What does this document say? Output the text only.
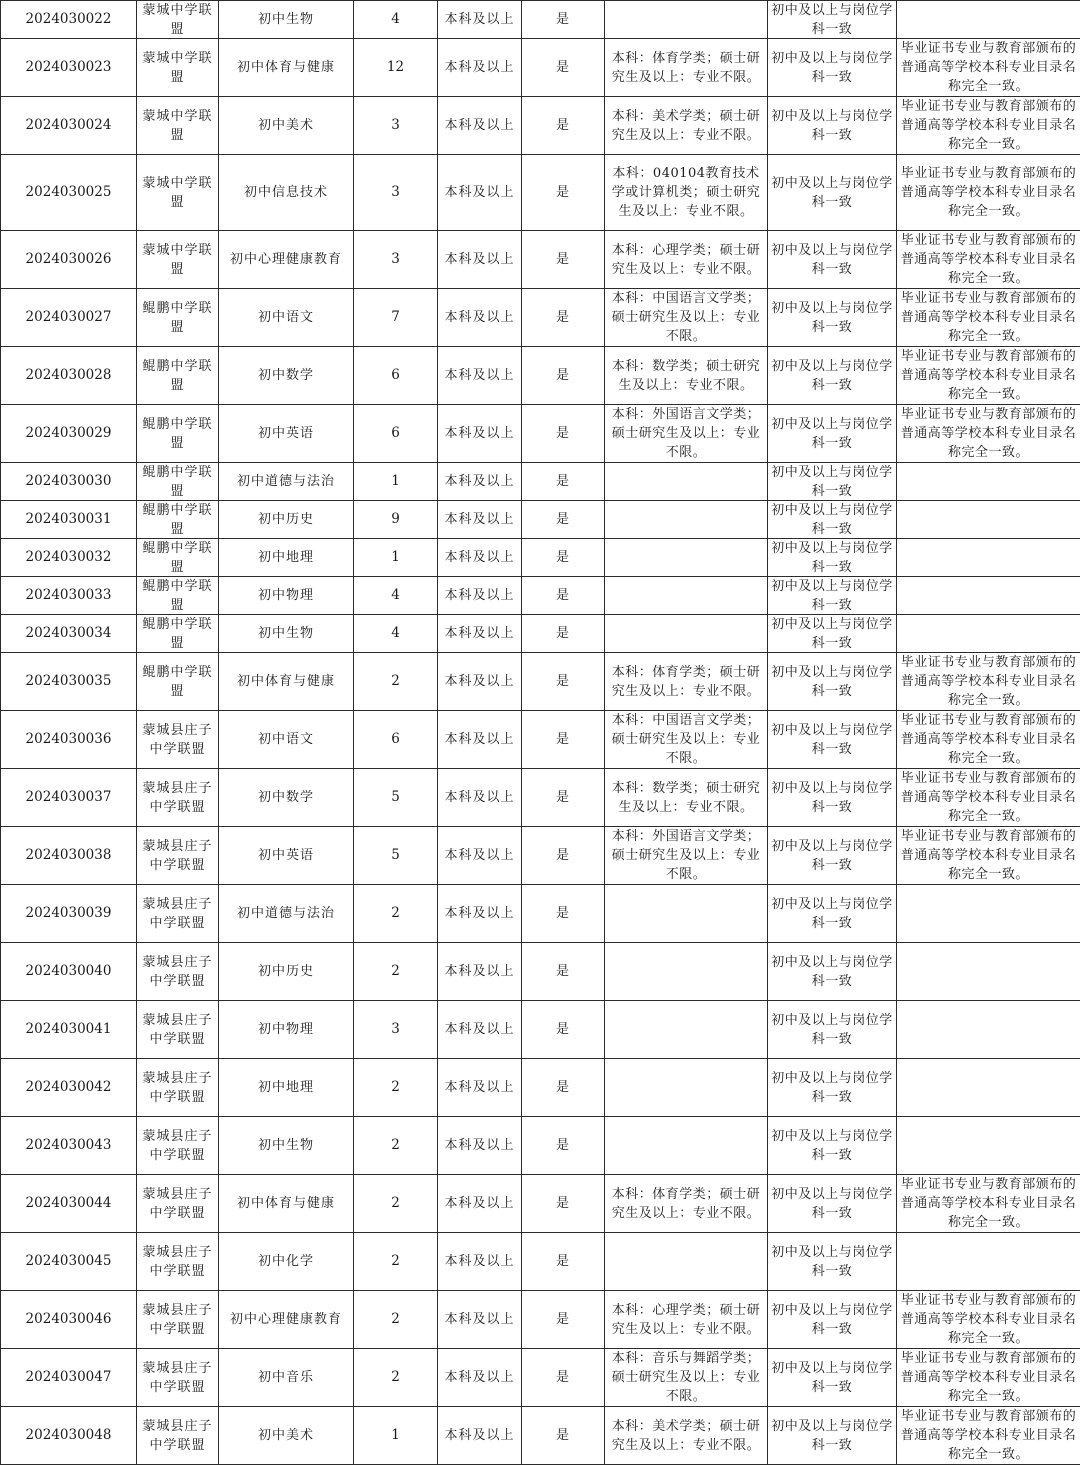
2024030022	蒙城中学联盟	初中生物	4	本科及以上	是		初中及以上与岗位学科一致	

2024030023	蒙城中学联盟	初中体育与健康	12	本科及以上	是	本科：体育学类；硕士研究生及以上：专业不限。	初中及以上与岗位学科一致	毕业证书专业与教育部颁布的普通高等学校本科专业目录名称完全一致。

2024030024	蒙城中学联盟	初中美术	3	本科及以上	是	本科：美术学类；硕士研究生及以上：专业不限。	初中及以上与岗位学科一致	毕业证书专业与教育部颁布的普通高等学校本科专业目录名称完全一致。

2024030025	蒙城中学联盟	初中信息技术	3	本科及以上	是	本科：040104教育技术学或计算机类；硕士研究生及以上：专业不限。	初中及以上与岗位学科一致	毕业证书专业与教育部颁布的普通高等学校本科专业目录名称完全一致。

2024030026	蒙城中学联盟	初中心理健康教育	3	本科及以上	是	本科：心理学类；硕士研究生及以上：专业不限。	初中及以上与岗位学科一致	毕业证书专业与教育部颁布的普通高等学校本科专业目录名称完全一致。

2024030027	鲲鹏中学联盟	初中语文	7	本科及以上	是	本科：中国语言文学类；硕士研究生及以上：专业不限。	初中及以上与岗位学科一致	毕业证书专业与教育部颁布的普通高等学校本科专业目录名称完全一致。

2024030028	鲲鹏中学联盟	初中数学	6	本科及以上	是	本科：数学类；硕士研究生及以上：专业不限。	初中及以上与岗位学科一致	毕业证书专业与教育部颁布的普通高等学校本科专业目录名称完全一致。

2024030029	鲲鹏中学联盟	初中英语	6	本科及以上	是	本科：外国语言文学类；硕士研究生及以上：专业不限。	初中及以上与岗位学科一致	毕业证书专业与教育部颁布的普通高等学校本科专业目录名称完全一致。

2024030030	鲲鹏中学联盟	初中道德与法治	1	本科及以上	是		初中及以上与岗位学科一致	

2024030031	鲲鹏中学联盟	初中历史	9	本科及以上	是		初中及以上与岗位学科一致	

2024030032	鲲鹏中学联盟	初中地理	1	本科及以上	是		初中及以上与岗位学科一致	

2024030033	鲲鹏中学联盟	初中物理	4	本科及以上	是		初中及以上与岗位学科一致	

2024030034	鲲鹏中学联盟	初中生物	4	本科及以上	是		初中及以上与岗位学科一致	

2024030035	鲲鹏中学联盟	初中体育与健康	2	本科及以上	是	本科：体育学类；硕士研究生及以上：专业不限。	初中及以上与岗位学科一致	毕业证书专业与教育部颁布的普通高等学校本科专业目录名称完全一致。

2024030036	蒙城县庄子中学联盟	初中语文	6	本科及以上	是	本科：中国语言文学类；硕士研究生及以上：专业不限。	初中及以上与岗位学科一致	毕业证书专业与教育部颁布的普通高等学校本科专业目录名称完全一致。

2024030037	蒙城县庄子中学联盟	初中数学	5	本科及以上	是	本科：数学类；硕士研究生及以上：专业不限。	初中及以上与岗位学科一致	毕业证书专业与教育部颁布的普通高等学校本科专业目录名称完全一致。

2024030038	蒙城县庄子中学联盟	初中英语	5	本科及以上	是	本科：外国语言文学类；硕士研究生及以上：专业不限。	初中及以上与岗位学科一致	毕业证书专业与教育部颁布的普通高等学校本科专业目录名称完全一致。

2024030039	蒙城县庄子中学联盟	初中道德与法治	2	本科及以上	是		初中及以上与岗位学科一致	

2024030040	蒙城县庄子中学联盟	初中历史	2	本科及以上	是		初中及以上与岗位学科一致	

2024030041	蒙城县庄子中学联盟	初中物理	3	本科及以上	是		初中及以上与岗位学科一致	

2024030042	蒙城县庄子中学联盟	初中地理	2	本科及以上	是		初中及以上与岗位学科一致	

2024030043	蒙城县庄子中学联盟	初中生物	2	本科及以上	是		初中及以上与岗位学科一致	

2024030044	蒙城县庄子中学联盟	初中体育与健康	2	本科及以上	是	本科：体育学类；硕士研究生及以上：专业不限。	初中及以上与岗位学科一致	毕业证书专业与教育部颁布的普通高等学校本科专业目录名称完全一致。

2024030045	蒙城县庄子中学联盟	初中化学	2	本科及以上	是		初中及以上与岗位学科一致	

2024030046	蒙城县庄子中学联盟	初中心理健康教育	2	本科及以上	是	本科：心理学类；硕士研究生及以上：专业不限。	初中及以上与岗位学科一致	毕业证书专业与教育部颁布的普通高等学校本科专业目录名称完全一致。

2024030047	蒙城县庄子中学联盟	初中音乐	2	本科及以上	是	本科：音乐与舞蹈学类；硕士研究生及以上：专业不限。	初中及以上与岗位学科一致	毕业证书专业与教育部颁布的普通高等学校本科专业目录名称完全一致。

2024030048	蒙城县庄子中学联盟	初中美术	1	本科及以上	是	本科：美术学类；硕士研究生及以上：专业不限。	初中及以上与岗位学科一致	毕业证书专业与教育部颁布的普通高等学校本科专业目录名称完全一致。
